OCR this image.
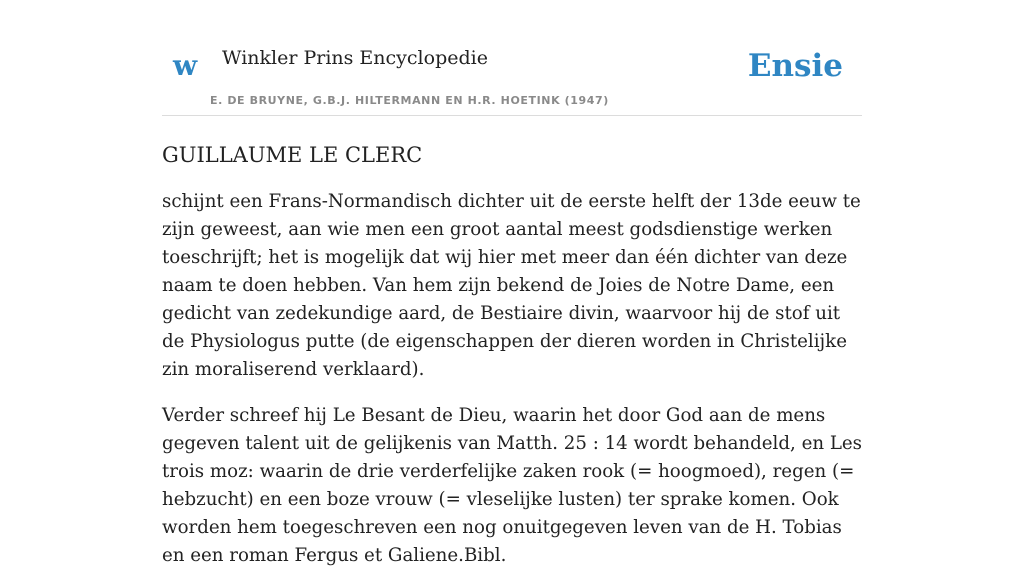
w Winkler Prins Encyclopedie
E. DE BRUYNE, G.B.J. HILTERMANN EN H.R. HOETINK (1947)
Ensie
GUILLAUME LE CLERC

schijnt een Frans-Normandisch dichter uit de eerste helft der 13de eeuw te zijn geweest, aan wie men een groot aantal meest godsdienstige werken toeschrijft; het is mogelijk dat wij hier met meer dan één dichter van deze naam te doen hebben. Van hem zijn bekend de Joies de Notre Dame, een gedicht van zedekundige aard, de Bestiaire divin, waarvoor hij de stof uit de Physiologus putte (de eigenschappen der dieren worden in Christelijke zin moraliserend verklaard).

Verder schreef hij Le Besant de Dieu, waarin het door God aan de mens gegeven talent uit de gelijkenis van Matth. 25 : 14 wordt behandeld, en Les trois moz: waarin de drie verderfelijke zaken rook (= hoogmoed), regen (= hebzucht) en een boze vrouw (= vleselijke lusten) ter sprake komen. Ook worden hem toegeschreven een nog onuitgegeven leven van de H. Tobias en een roman Fergus et Galiene.Bibl.
